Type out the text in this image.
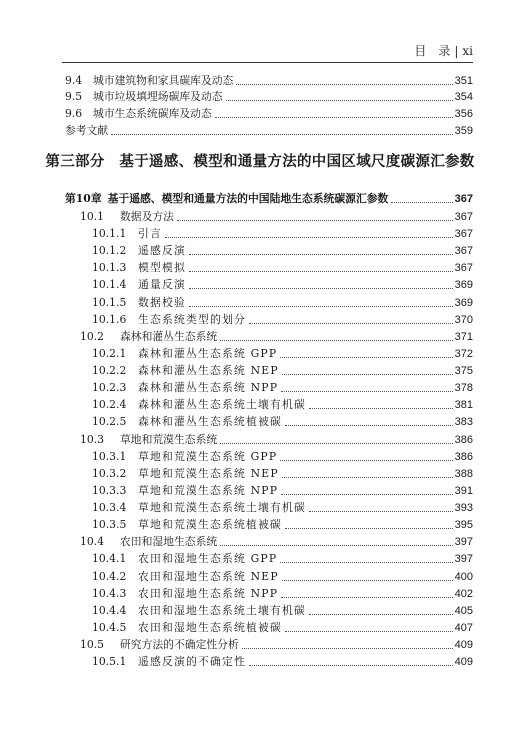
目　录 | xi
9.4	城市建筑物和家具碳库及动态	351
9.5	城市垃圾填埋场碳库及动态	354
9.6	城市生态系统碳库及动态	356
参考文献	359
第10章 基于遥感、模型和通量方法的中国陆地生态系统碳源汇参数	367
10.1	数据及方法	367
10.1.1	引言	367
10.1.2	遥感反演	367
10.1.3	模型模拟	367
10.1.4	通量反演	369
10.1.5	数据校验	369
10.1.6	生态系统类型的划分	370
10.2	森林和灌丛生态系统	371
10.2.1	森林和灌丛生态系统 GPP	372
10.2.2	森林和灌丛生态系统 NEP	375
10.2.3	森林和灌丛生态系统 NPP	378
10.2.4	森林和灌丛生态系统土壤有机碳	381
10.2.5	森林和灌丛生态系统植被碳	383
10.3	草地和荒漠生态系统	386
10.3.1	草地和荒漠生态系统 GPP	386
10.3.2	草地和荒漠生态系统 NEP	388
10.3.3	草地和荒漠生态系统 NPP	391
10.3.4	草地和荒漠生态系统土壤有机碳	393
10.3.5	草地和荒漠生态系统植被碳	395
10.4	农田和湿地生态系统	397
10.4.1	农田和湿地生态系统 GPP	397
10.4.2	农田和湿地生态系统 NEP	400
10.4.3	农田和湿地生态系统 NPP	402
10.4.4	农田和湿地生态系统土壤有机碳	405
10.4.5	农田和湿地生态系统植被碳	407
10.5	研究方法的不确定性分析	409
10.5.1	遥感反演的不确定性	409
第三部分　基于遥感、模型和通量方法的中国区域尺度碳源汇参数
